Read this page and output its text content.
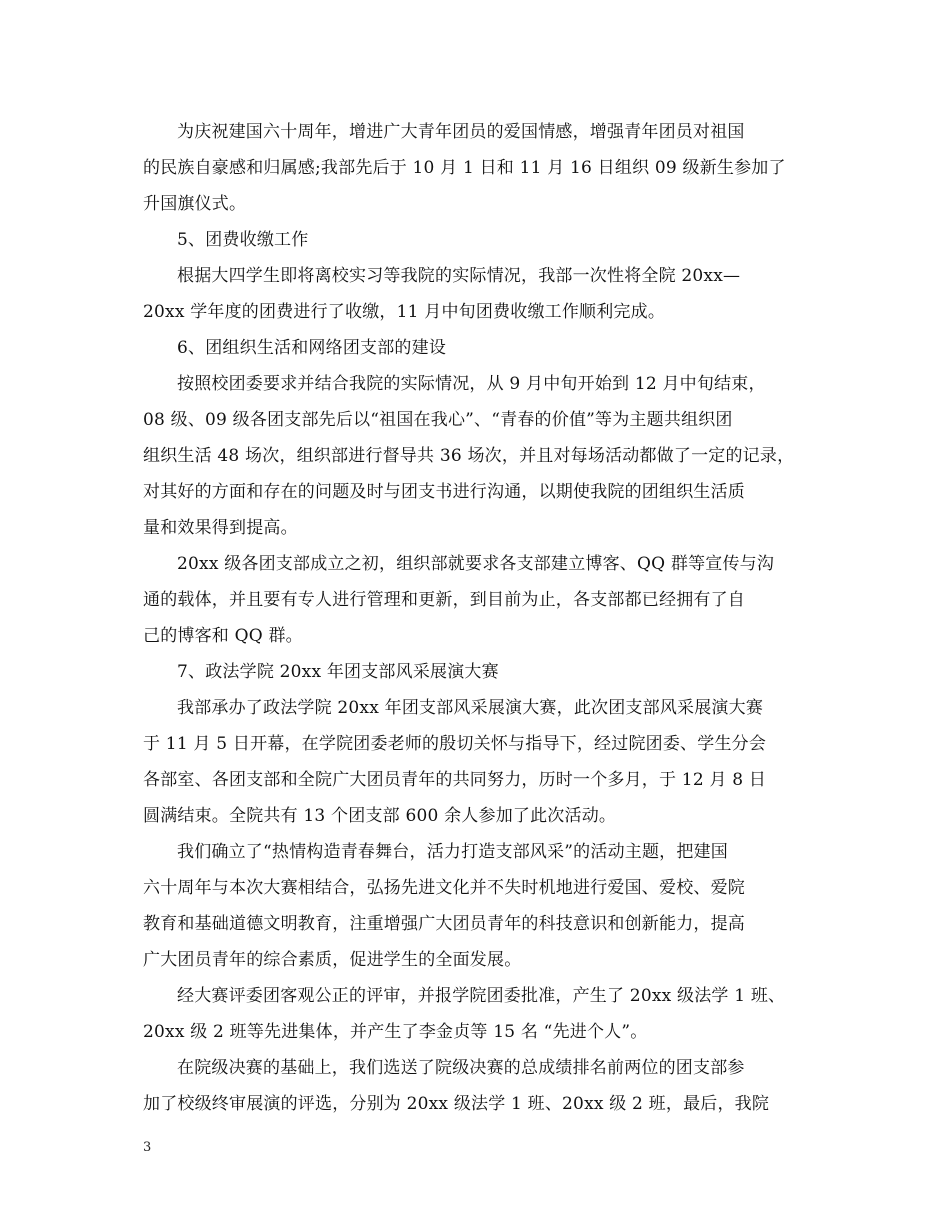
为庆祝建国六十周年，增进广大青年团员的爱国情感，增强青年团员对祖国
的民族自豪感和归属感;我部先后于 10 月 1 日和 11 月 16 日组织 09 级新生参加了
升国旗仪式。
5、团费收缴工作
根据大四学生即将离校实习等我院的实际情况，我部一次性将全院 20xx—
20xx 学年度的团费进行了收缴，11 月中旬团费收缴工作顺利完成。
6、团组织生活和网络团支部的建设
按照校团委要求并结合我院的实际情况，从 9 月中旬开始到 12 月中旬结束，
08 级、09 级各团支部先后以“祖国在我心”、“青春的价值”等为主题共组织团
组织生活 48 场次，组织部进行督导共 36 场次，并且对每场活动都做了一定的记录，
对其好的方面和存在的问题及时与团支书进行沟通，以期使我院的团组织生活质
量和效果得到提高。
20xx 级各团支部成立之初，组织部就要求各支部建立博客、QQ 群等宣传与沟
通的载体，并且要有专人进行管理和更新，到目前为止，各支部都已经拥有了自
己的博客和 QQ 群。
7、政法学院 20xx 年团支部风采展演大赛
我部承办了政法学院 20xx 年团支部风采展演大赛，此次团支部风采展演大赛
于 11 月 5 日开幕，在学院团委老师的殷切关怀与指导下，经过院团委、学生分会
各部室、各团支部和全院广大团员青年的共同努力，历时一个多月，于 12 月 8 日
圆满结束。全院共有 13 个团支部 600 余人参加了此次活动。
我们确立了“热情构造青春舞台，活力打造支部风采”的活动主题，把建国
六十周年与本次大赛相结合，弘扬先进文化并不失时机地进行爱国、爱校、爱院
教育和基础道德文明教育，注重增强广大团员青年的科技意识和创新能力，提高
广大团员青年的综合素质，促进学生的全面发展。
经大赛评委团客观公正的评审，并报学院团委批准，产生了 20xx 级法学 1 班、
20xx 级 2 班等先进集体，并产生了李金贞等 15 名 “先进个人”。
在院级决赛的基础上，我们选送了院级决赛的总成绩排名前两位的团支部参
加了校级终审展演的评选，分别为 20xx 级法学 1 班、20xx 级 2 班，最后，我院
3
